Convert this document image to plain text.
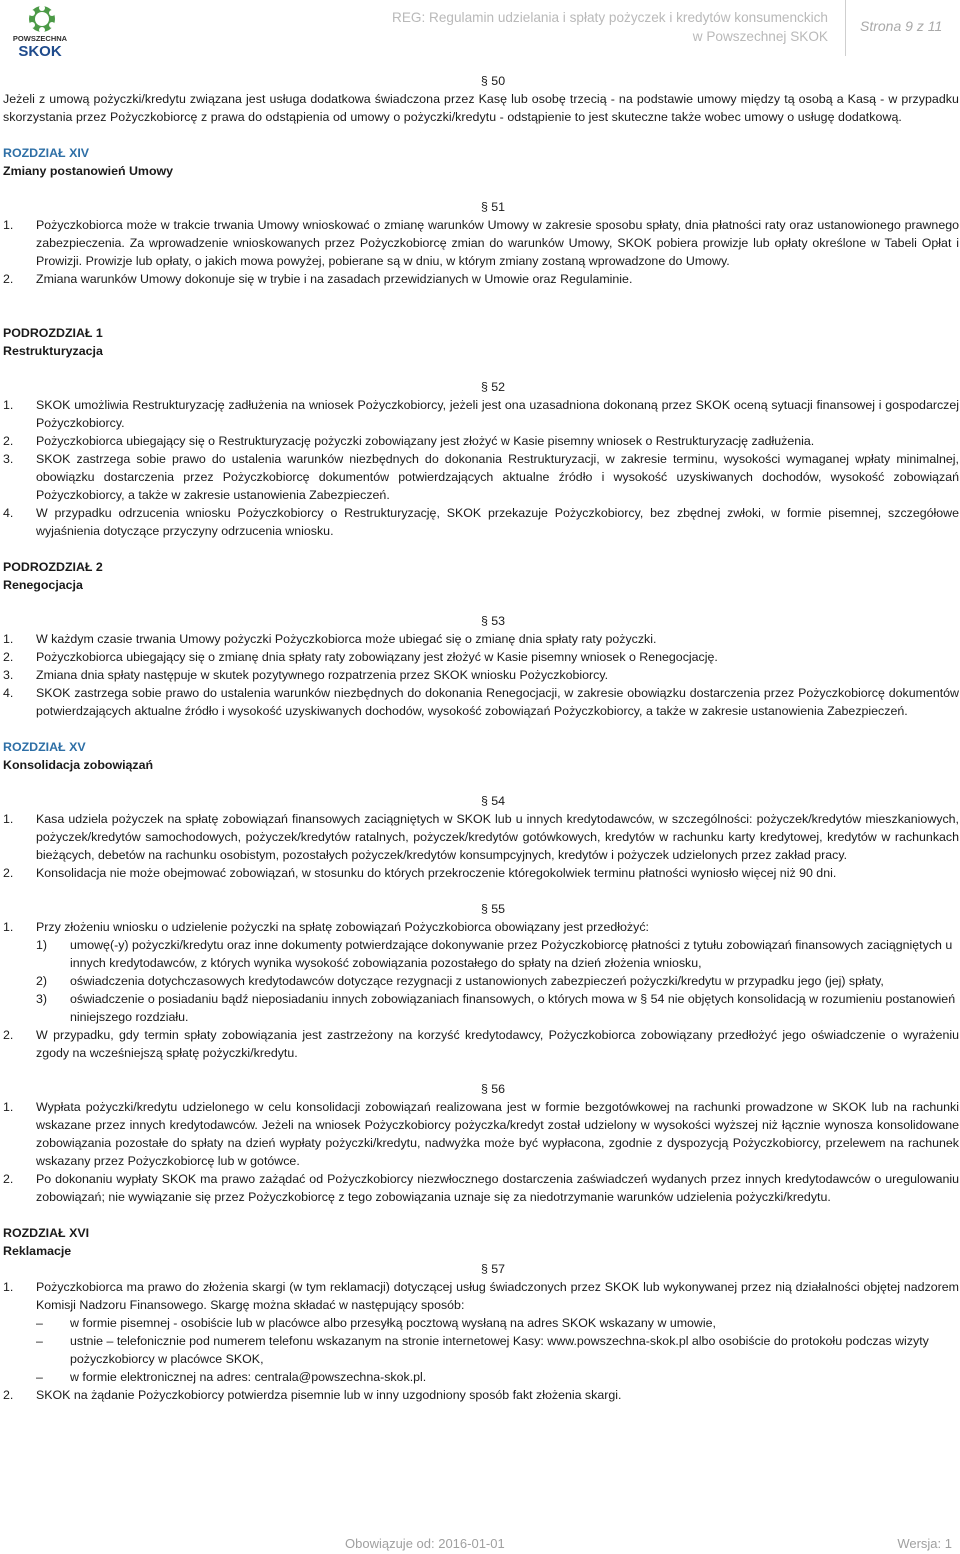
POWSZECHNA
SKOK
REG: Regulamin udzielania i spłaty pożyczek i kredytów konsumenckich
w Powszechnej SKOK
Strona 9 z 11

§ 50

Jeżeli z umową pożyczki/kredytu związana jest usługa dodatkowa świadczona przez Kasę lub osobę trzecią - na podstawie umowy między tą osobą a Kasą - w przypadku skorzystania przez Pożyczkobiorcę z prawa do odstąpienia od umowy o pożyczki/kredytu - odstąpienie to jest skuteczne także wobec umowy o usługę dodatkową.

ROZDZIAŁ XIV

Zmiany postanowień Umowy

§ 51

1. Pożyczkobiorca może w trakcie trwania Umowy wnioskować o zmianę warunków Umowy w zakresie sposobu spłaty, dnia płatności raty oraz ustanowionego prawnego zabezpieczenia. Za wprowadzenie wnioskowanych przez Pożyczkobiorcę zmian do warunków Umowy, SKOK pobiera prowizje lub opłaty określone w Tabeli Opłat i Prowizji. Prowizje lub opłaty, o jakich mowa powyżej, pobierane są w dniu, w którym zmiany zostaną wprowadzone do Umowy.
2. Zmiana warunków Umowy dokonuje się w trybie i na zasadach przewidzianych w Umowie oraz Regulaminie.

PODROZDZIAŁ 1

Restrukturyzacja

§ 52

1. SKOK umożliwia Restrukturyzację zadłużenia na wniosek Pożyczkobiorcy, jeżeli jest ona uzasadniona dokonaną przez SKOK oceną sytuacji finansowej i gospodarczej Pożyczkobiorcy.
2. Pożyczkobiorca ubiegający się o Restrukturyzację pożyczki zobowiązany jest złożyć w Kasie pisemny wniosek o Restrukturyzację zadłużenia.
3. SKOK zastrzega sobie prawo do ustalenia warunków niezbędnych do dokonania Restrukturyzacji, w zakresie terminu, wysokości wymaganej wpłaty minimalnej, obowiązku dostarczenia przez Pożyczkobiorcę dokumentów potwierdzających aktualne źródło i wysokość uzyskiwanych dochodów, wysokość zobowiązań Pożyczkobiorcy, a także w zakresie ustanowienia Zabezpieczeń.
4. W przypadku odrzucenia wniosku Pożyczkobiorcy o Restrukturyzację, SKOK przekazuje Pożyczkobiorcy, bez zbędnej zwłoki, w formie pisemnej, szczegółowe wyjaśnienia dotyczące przyczyny odrzucenia wniosku.

PODROZDZIAŁ 2

Renegocjacja

§ 53

1. W każdym czasie trwania Umowy pożyczki Pożyczkobiorca może ubiegać się o zmianę dnia spłaty raty pożyczki.
2. Pożyczkobiorca ubiegający się o zmianę dnia spłaty raty zobowiązany jest złożyć w Kasie pisemny wniosek o Renegocjację.
3. Zmiana dnia spłaty następuje w skutek pozytywnego rozpatrzenia przez SKOK wniosku Pożyczkobiorcy.
4. SKOK zastrzega sobie prawo do ustalenia warunków niezbędnych do dokonania Renegocjacji, w zakresie obowiązku dostarczenia przez Pożyczkobiorcę dokumentów potwierdzających aktualne źródło i wysokość uzyskiwanych dochodów, wysokość zobowiązań Pożyczkobiorcy, a także w zakresie ustanowienia Zabezpieczeń.

ROZDZIAŁ XV

Konsolidacja zobowiązań

§ 54

1. Kasa udziela pożyczek na spłatę zobowiązań finansowych zaciągniętych w SKOK lub u innych kredytodawców, w szczególności: pożyczek/kredytów mieszkaniowych, pożyczek/kredytów samochodowych, pożyczek/kredytów ratalnych, pożyczek/kredytów gotówkowych, kredytów w rachunku karty kredytowej, kredytów w rachunkach bieżących, debetów na rachunku osobistym, pozostałych pożyczek/kredytów konsumpcyjnych, kredytów i pożyczek udzielonych przez zakład pracy.
2. Konsolidacja nie może obejmować zobowiązań, w stosunku do których przekroczenie któregokolwiek terminu płatności wyniosło więcej niż 90 dni.

§ 55

1. Przy złożeniu wniosku o udzielenie pożyczki na spłatę zobowiązań Pożyczkobiorca obowiązany jest przedłożyć:
1) umowę(-y) pożyczki/kredytu oraz inne dokumenty potwierdzające dokonywanie przez Pożyczkobiorcę płatności z tytułu zobowiązań finansowych zaciągniętych u innych kredytodawców, z których wynika wysokość zobowiązania pozostałego do spłaty na dzień złożenia wniosku,
2) oświadczenia dotychczasowych kredytodawców dotyczące rezygnacji z ustanowionych zabezpieczeń pożyczki/kredytu w przypadku jego (jej) spłaty,
3) oświadczenie o posiadaniu bądź nieposiadaniu innych zobowiązaniach finansowych, o których mowa w § 54 nie objętych konsolidacją w rozumieniu postanowień niniejszego rozdziału.
2. W przypadku, gdy termin spłaty zobowiązania jest zastrzeżony na korzyść kredytodawcy, Pożyczkobiorca zobowiązany przedłożyć jego oświadczenie o wyrażeniu zgody na wcześniejszą spłatę pożyczki/kredytu.

§ 56

1. Wypłata pożyczki/kredytu udzielonego w celu konsolidacji zobowiązań realizowana jest w formie bezgotówkowej na rachunki prowadzone w SKOK lub na rachunki wskazane przez innych kredytodawców. Jeżeli na wniosek Pożyczkobiorcy pożyczka/kredyt został udzielony w wysokości wyższej niż łącznie wynosza konsolidowane zobowiązania pozostałe do spłaty na dzień wypłaty pożyczki/kredytu, nadwyżka może być wypłacona, zgodnie z dyspozycją Pożyczkobiorcy, przelewem na rachunek wskazany przez Pożyczkobiorcę lub w gotówce.
2. Po dokonaniu wypłaty SKOK ma prawo zażądać od Pożyczkobiorcy niezwłocznego dostarczenia zaświadczeń wydanych przez innych kredytodawców o uregulowaniu zobowiązań; nie wywiązanie się przez Pożyczkobiorcę z tego zobowiązania uznaje się za niedotrzymanie warunków udzielenia pożyczki/kredytu.

ROZDZIAŁ XVI

Reklamacje

§ 57

1. Pożyczkobiorca ma prawo do złożenia skargi (w tym reklamacji) dotyczącej usług świadczonych przez SKOK lub wykonywanej przez nią działalności objętej nadzorem Komisji Nadzoru Finansowego. Skargę można składać w następujący sposób:
– w formie pisemnej - osobiście lub w placówce albo przesyłką pocztową wysłaną na adres SKOK wskazany w umowie,
– ustnie – telefonicznie pod numerem telefonu wskazanym na stronie internetowej Kasy: www.powszechna-skok.pl albo osobiście do protokołu podczas wizyty pożyczkobiorcy w placówce SKOK,
– w formie elektronicznej na adres: centrala@powszechna-skok.pl.
2. SKOK na żądanie Pożyczkobiorcy potwierdza pisemnie lub w inny uzgodniony sposób fakt złożenia skargi.
Obowiązuje od: 2016-01-01	Wersja: 1
